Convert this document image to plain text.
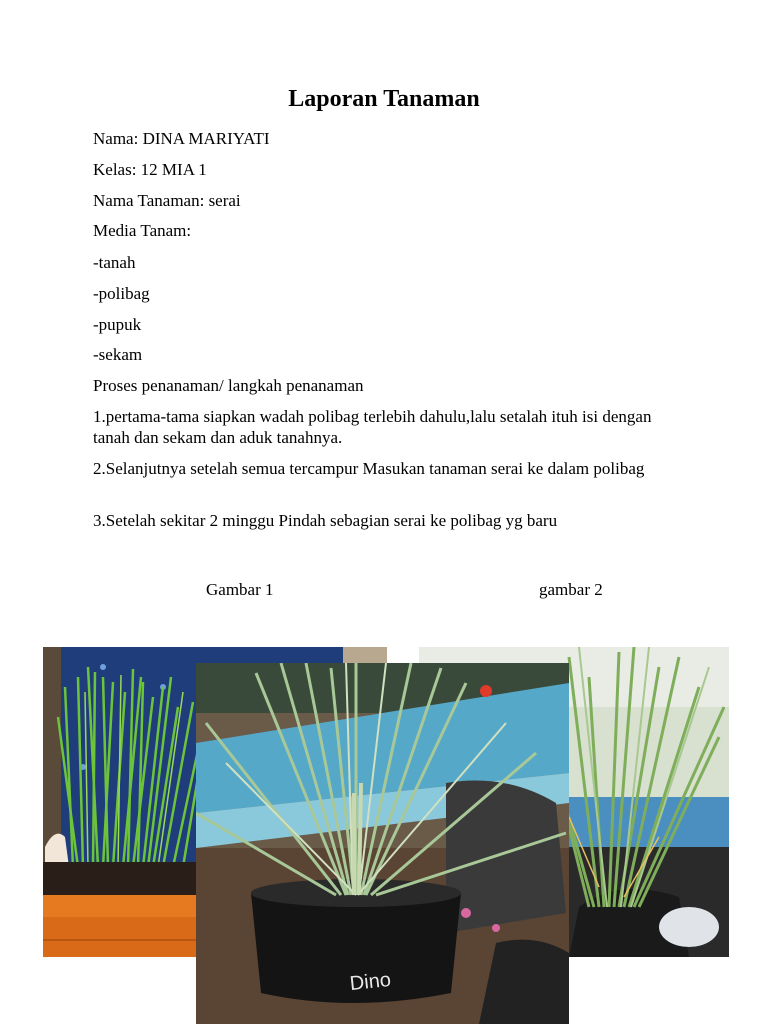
Laporan Tanaman
Nama: DINA MARIYATI
Kelas: 12 MIA 1
Nama Tanaman: serai
Media Tanam:
-tanah
-polibag
-pupuk
-sekam
Proses penanaman/ langkah penanaman
1.pertama-tama siapkan wadah polibag terlebih dahulu,lalu setalah ituh isi dengan tanah dan sekam dan aduk tanahnya.
2.Selanjutnya setelah semua tercampur Masukan tanaman serai ke dalam polibag
3.Setelah sekitar 2 minggu Pindah sebagian serai ke polibag yg baru
Gambar 1	gambar 2
Dino
